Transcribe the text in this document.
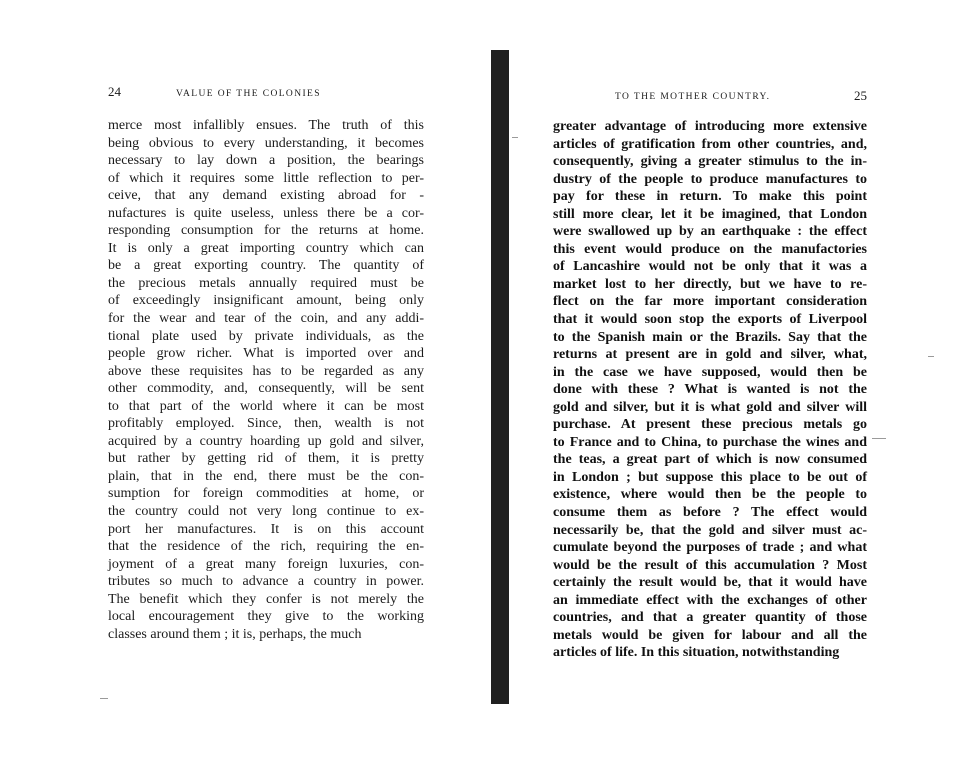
24	VALUE OF THE COLONIES
merce most infallibly ensues. The truth of this
being obvious to every understanding, it becomes
necessary to lay down a position, the bearings
of which it requires some little reflection to per-
ceive, that any demand existing abroad for -
nufactures is quite useless, unless there be a cor-
responding consumption for the returns at home.
It is only a great importing country which can
be a great exporting country. The quantity of
the precious metals annually required must be
of exceedingly insignificant amount, being only
for the wear and tear of the coin, and any addi-
tional plate used by private individuals, as the
people grow richer. What is imported over and
above these requisites has to be regarded as any
other commodity, and, consequently, will be sent
to that part of the world where it can be most
profitably employed. Since, then, wealth is not
acquired by a country hoarding up gold and silver,
but rather by getting rid of them, it is pretty
plain, that in the end, there must be the con-
sumption for foreign commodities at home, or
the country could not very long continue to ex-
port her manufactures. It is on this account
that the residence of the rich, requiring the en-
joyment of a great many foreign luxuries, con-
tributes so much to advance a country in power.
The benefit which they confer is not merely the
local encouragement they give to the working
classes around them ; it is, perhaps, the much
TO THE MOTHER COUNTRY.	25
greater advantage of introducing more extensive
articles of gratification from other countries, and,
consequently, giving a greater stimulus to the in-
dustry of the people to produce manufactures to
pay for these in return. To make this point
still more clear, let it be imagined, that London
were swallowed up by an earthquake : the effect
this event would produce on the manufactories
of Lancashire would not be only that it was a
market lost to her directly, but we have to re-
flect on the far more important consideration
that it would soon stop the exports of Liverpool
to the Spanish main or the Brazils. Say that the
returns at present are in gold and silver, what,
in the case we have supposed, would then be
done with these ? What is wanted is not the
gold and silver, but it is what gold and silver will
purchase. At present these precious metals go
to France and to China, to purchase the wines and
the teas, a great part of which is now consumed
in London ; but suppose this place to be out of
existence, where would then be the people to
consume them as before ? The effect would
necessarily be, that the gold and silver must ac-
cumulate beyond the purposes of trade ; and what
would be the result of this accumulation ? Most
certainly the result would be, that it would have
an immediate effect with the exchanges of other
countries, and that a greater quantity of those
metals would be given for labour and all the
articles of life. In this situation, notwithstanding
